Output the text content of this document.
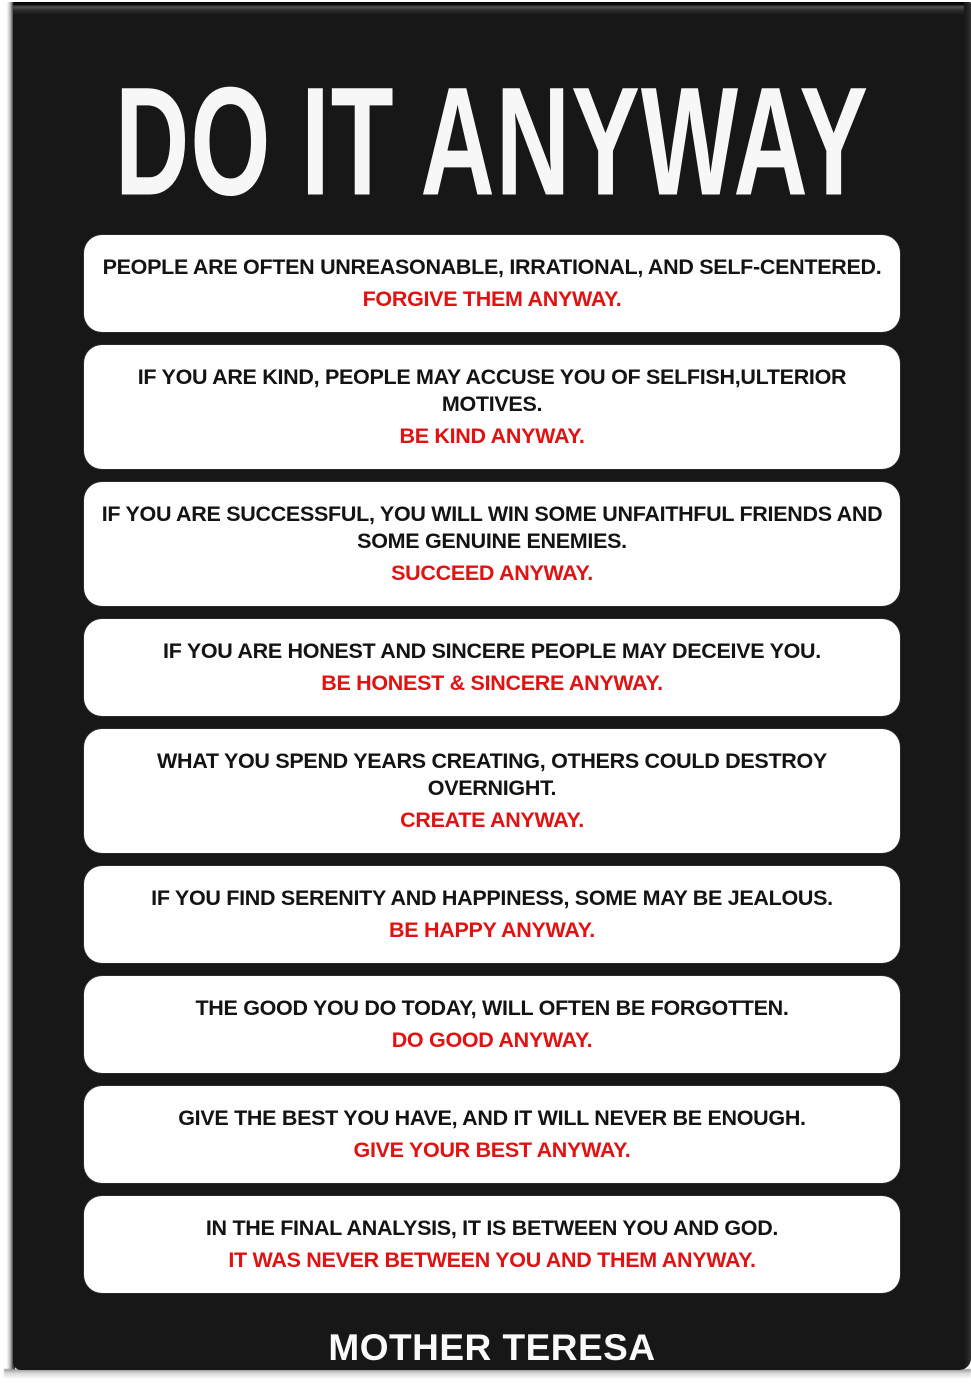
DO IT ANYWAY
PEOPLE ARE OFTEN UNREASONABLE, IRRATIONAL, AND SELF-CENTERED.
FORGIVE THEM ANYWAY.
IF YOU ARE KIND, PEOPLE MAY ACCUSE YOU OF SELFISH,ULTERIOR MOTIVES.
BE KIND ANYWAY.
IF YOU ARE SUCCESSFUL, YOU WILL WIN SOME UNFAITHFUL FRIENDS AND SOME GENUINE ENEMIES.
SUCCEED ANYWAY.
IF YOU ARE HONEST AND SINCERE PEOPLE MAY DECEIVE YOU.
BE HONEST & SINCERE ANYWAY.
WHAT YOU SPEND YEARS CREATING, OTHERS COULD DESTROY OVERNIGHT.
CREATE ANYWAY.
IF YOU FIND SERENITY AND HAPPINESS, SOME MAY BE JEALOUS.
BE HAPPY ANYWAY.
THE GOOD YOU DO TODAY, WILL OFTEN BE FORGOTTEN.
DO GOOD ANYWAY.
GIVE THE BEST YOU HAVE, AND IT WILL NEVER BE ENOUGH.
GIVE YOUR BEST ANYWAY.
IN THE FINAL ANALYSIS, IT IS BETWEEN YOU AND GOD.
IT WAS NEVER BETWEEN YOU AND THEM ANYWAY.
MOTHER TERESA
